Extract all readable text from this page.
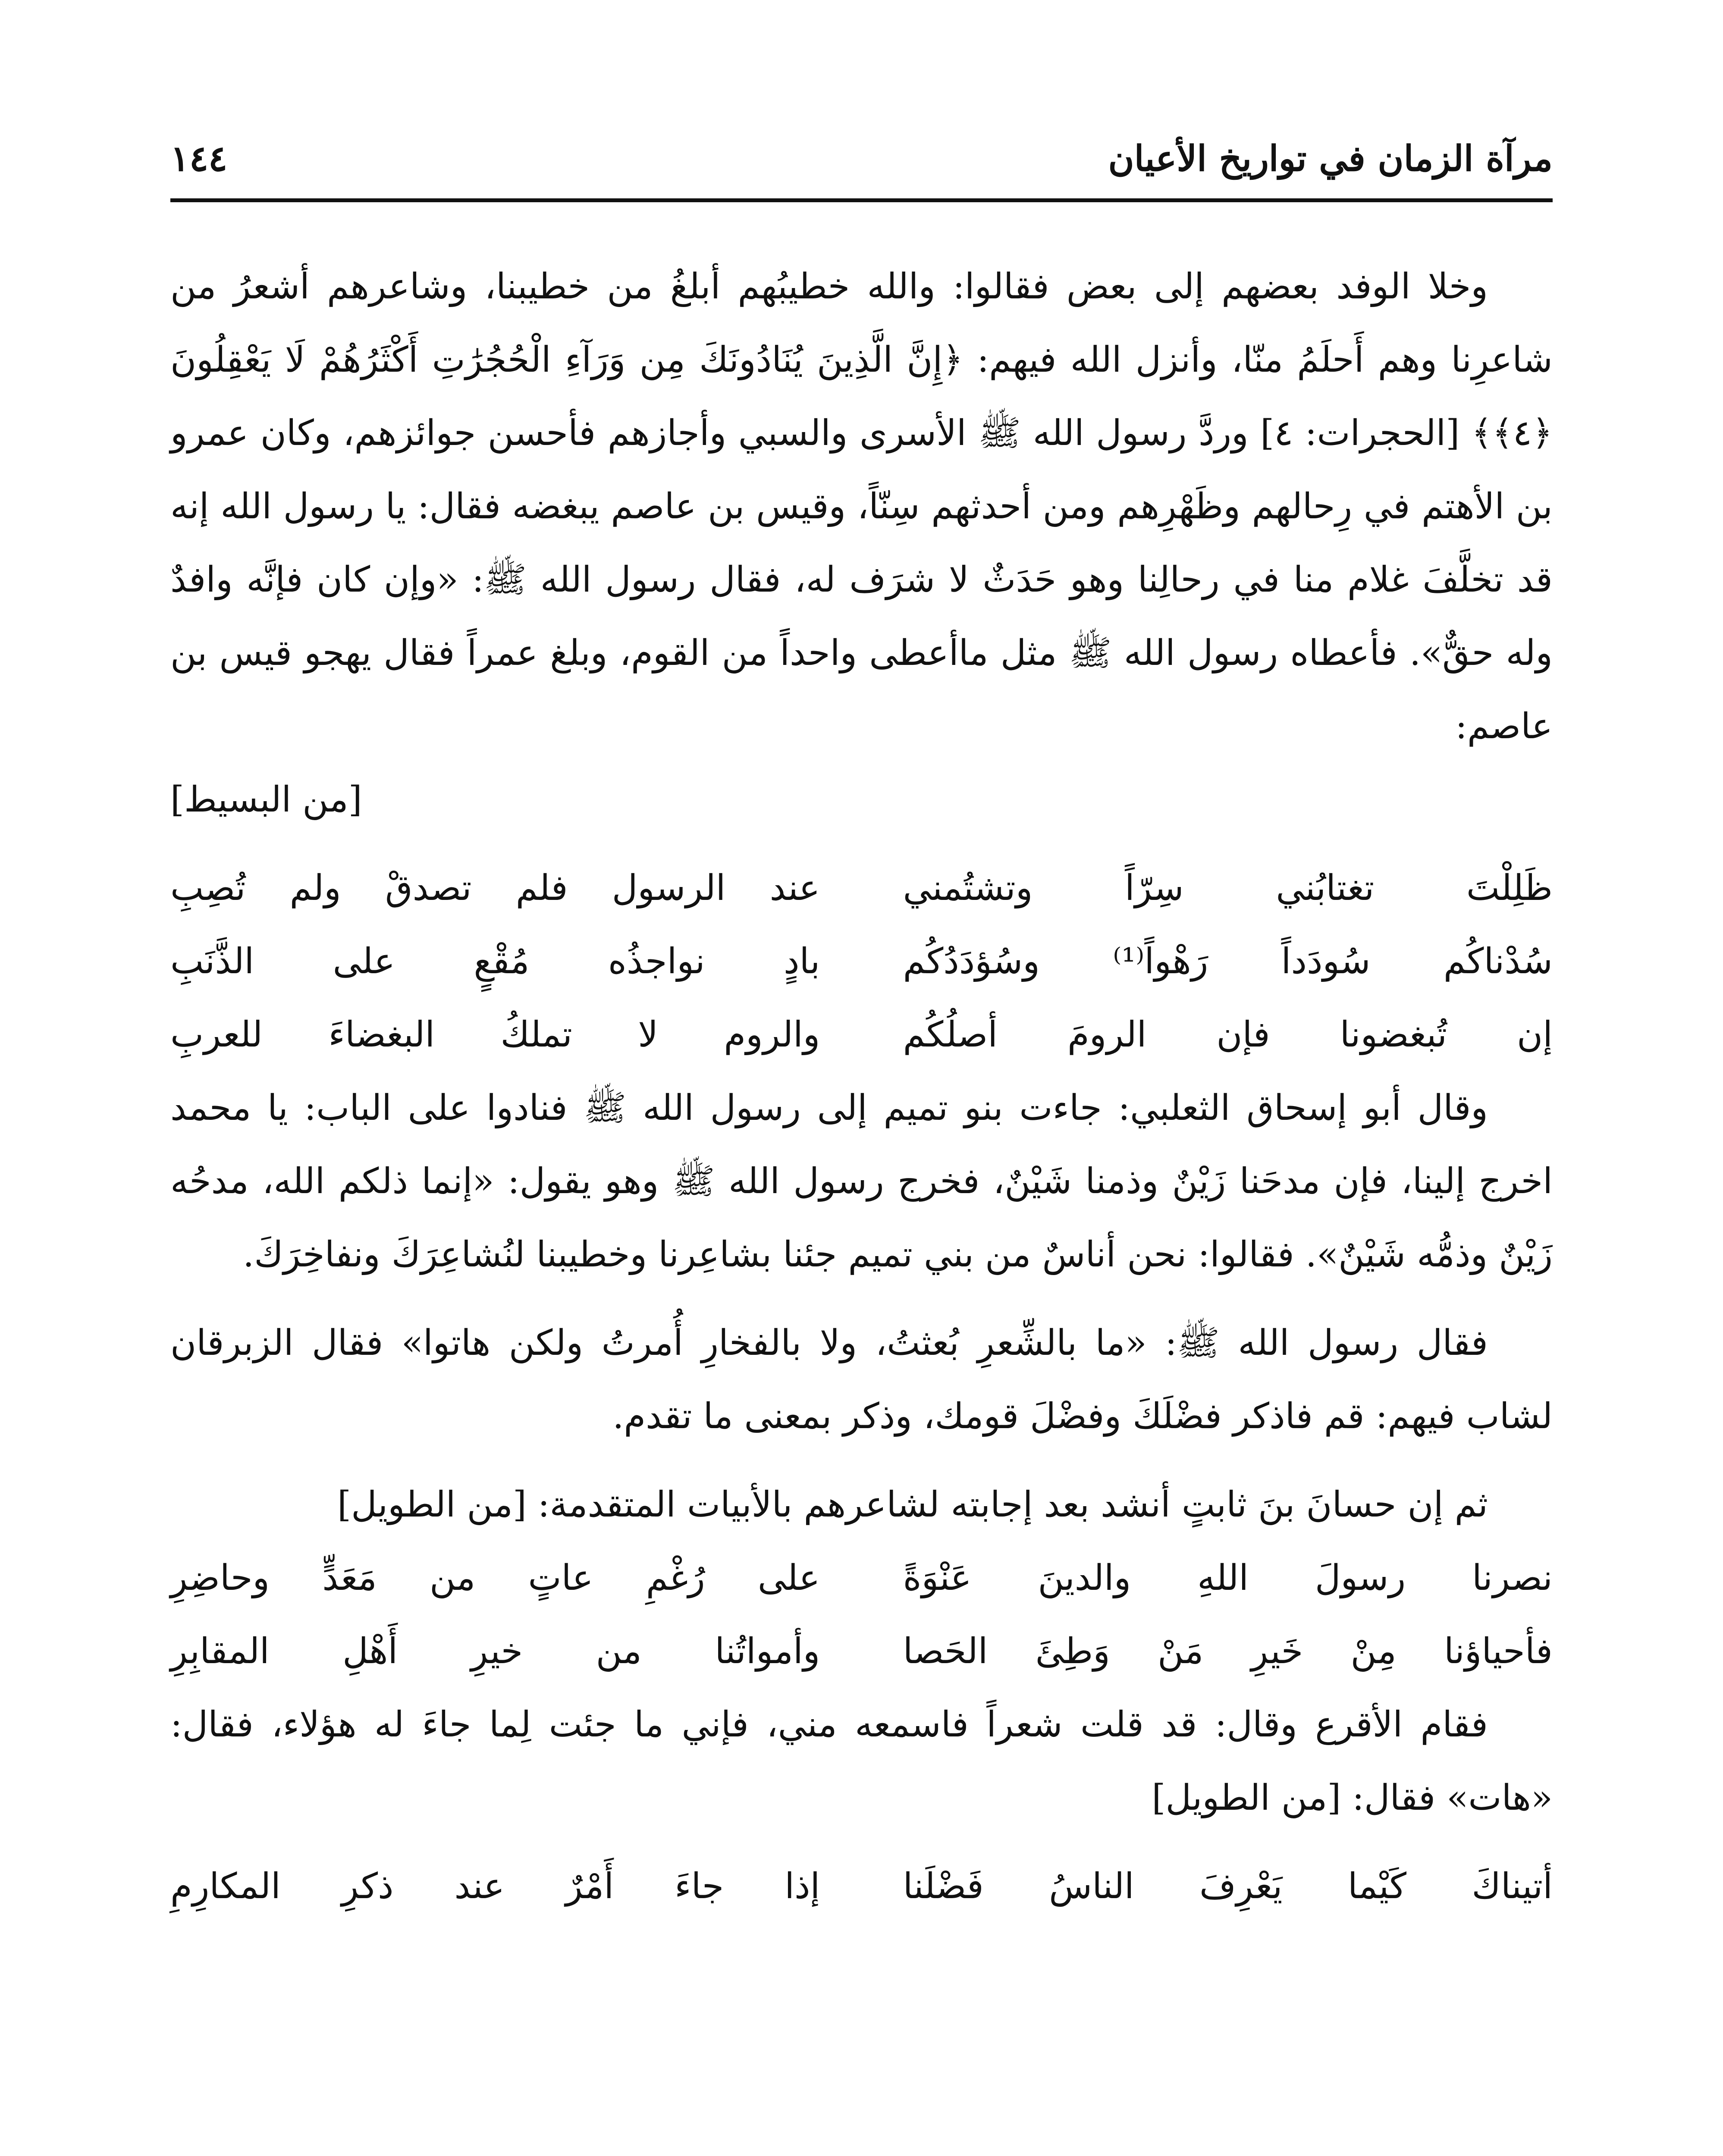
مرآة الزمان في تواريخ الأعيان
١٤٤

وخلا الوفد بعضهم إلى بعض فقالوا: والله خطيبُهم أبلغُ من خطيبنا، وشاعرهم أشعرُ من شاعرِنا وهم أَحلَمُ منّا، وأنزل الله فيهم: ﴿إِنَّ الَّذِينَ يُنَادُونَكَ مِن وَرَآءِ الْحُجُرَٰتِ أَكْثَرُهُمْ لَا يَعْقِلُونَ ﴿٤﴾﴾ [الحجرات: ٤] وردَّ رسول الله ﷺ الأسرى والسبي وأجازهم فأحسن جوائزهم، وكان عمرو بن الأهتم في رِحالهم وظَهْرِهم ومن أحدثهم سِنّاً، وقيس بن عاصم يبغضه فقال: يا رسول الله إنه قد تخلَّفَ غلام منا في رحالِنا وهو حَدَثٌ لا شرَف له، فقال رسول الله ﷺ: «وإن كان فإنَّه وافدٌ وله حقٌّ». فأعطاه رسول الله ﷺ مثل ماأعطى واحداً من القوم، وبلغ عمراً فقال يهجو قيس بن عاصم:

[من البسيط]

ظَلِلْتَ تغتابُني سِرّاً وتشتُمني
عند الرسول فلم تصدقْ ولم تُصِبِ
سُدْناكُم سُودَداً رَهْواً⁽¹⁾ وسُؤدَدُكُم
بادٍ نواجذُه مُقْعٍ على الذَّنَبِ
إن تُبغضونا فإن الرومَ أصلُكُم
والروم لا تملكُ البغضاءَ للعربِ

وقال أبو إسحاق الثعلبي: جاءت بنو تميم إلى رسول الله ﷺ فنادوا على الباب: يا محمد اخرج إلينا، فإن مدحَنا زَيْنٌ وذمنا شَيْنٌ، فخرج رسول الله ﷺ وهو يقول: «إنما ذلكم الله، مدحُه زَيْنٌ وذمُّه شَيْنٌ». فقالوا: نحن أناسٌ من بني تميم جئنا بشاعِرنا وخطيبنا لنُشاعِرَكَ ونفاخِرَكَ.

فقال رسول الله ﷺ: «ما بالشِّعرِ بُعثتُ، ولا بالفخارِ أُمرتُ ولكن هاتوا» فقال الزبرقان لشاب فيهم: قم فاذكر فضْلَكَ وفضْلَ قومك، وذكر بمعنى ما تقدم.

ثم إن حسانَ بنَ ثابتٍ أنشد بعد إجابته لشاعرهم بالأبيات المتقدمة: [من الطويل]

نصرنا رسولَ اللهِ والدينَ عَنْوَةً
على رُغْمِ عاتٍ من مَعَدٍّ وحاضِرِ
فأحياؤنا مِنْ خَيرِ مَنْ وَطِئَ الحَصا
وأمواتُنا من خيرِ أَهْلِ المقابِرِ

فقام الأقرع وقال: قد قلت شعراً فاسمعه مني، فإني ما جئت لِما جاءَ له هؤلاء، فقال: «هات» فقال: [من الطويل]

أتيناكَ كَيْما يَعْرِفَ الناسُ فَضْلَنا
إذا جاءَ أَمْرٌ عند ذكرِ المكارِمِ
